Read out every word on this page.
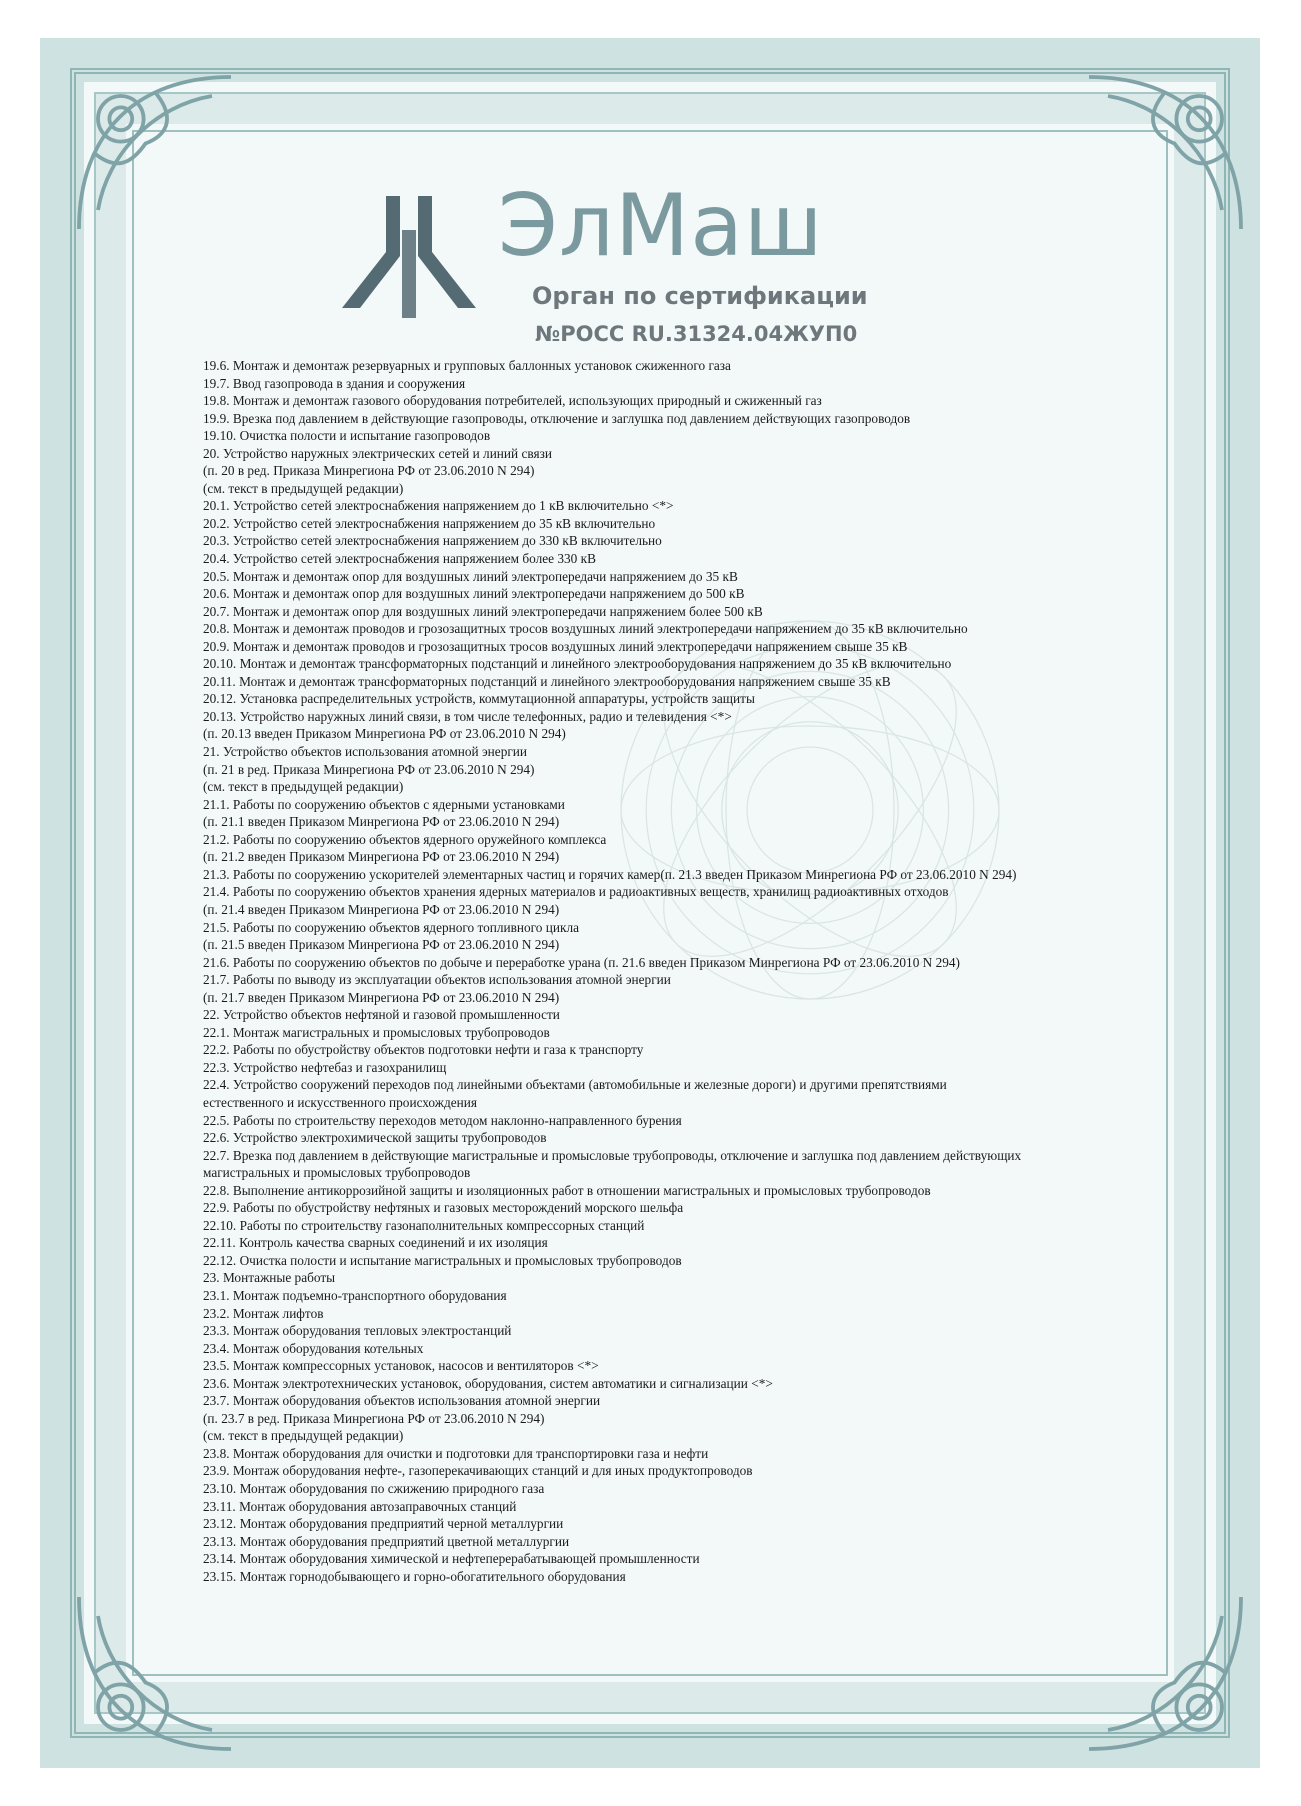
ЭлМаш
Орган по сертификации
№РОСС RU.31324.04ЖУП0
19.6. Монтаж и демонтаж резервуарных и групповых баллонных установок сжиженного газа
19.7. Ввод газопровода в здания и сооружения
19.8. Монтаж и демонтаж газового оборудования потребителей, использующих природный и сжиженный газ
19.9. Врезка под давлением в действующие газопроводы, отключение и заглушка под давлением действующих газопроводов
19.10. Очистка полости и испытание газопроводов
20. Устройство наружных электрических сетей и линий связи
(п. 20 в ред. Приказа Минрегиона РФ от 23.06.2010 N 294)
(см. текст в предыдущей редакции)
20.1. Устройство сетей электроснабжения напряжением до 1 кВ включительно <*>
20.2. Устройство сетей электроснабжения напряжением до 35 кВ включительно
20.3. Устройство сетей электроснабжения напряжением до 330 кВ включительно
20.4. Устройство сетей электроснабжения напряжением более 330 кВ
20.5. Монтаж и демонтаж опор для воздушных линий электропередачи напряжением до 35 кВ
20.6. Монтаж и демонтаж опор для воздушных линий электропередачи напряжением до 500 кВ
20.7. Монтаж и демонтаж опор для воздушных линий электропередачи напряжением более 500 кВ
20.8. Монтаж и демонтаж проводов и грозозащитных тросов воздушных линий электропередачи напряжением до 35 кВ включительно
20.9. Монтаж и демонтаж проводов и грозозащитных тросов воздушных линий электропередачи напряжением свыше 35 кВ
20.10. Монтаж и демонтаж трансформаторных подстанций и линейного электрооборудования напряжением до 35 кВ включительно
20.11. Монтаж и демонтаж трансформаторных подстанций и линейного электрооборудования напряжением свыше 35 кВ
20.12. Установка распределительных устройств, коммутационной аппаратуры, устройств защиты
20.13. Устройство наружных линий связи, в том числе телефонных, радио и телевидения <*>
(п. 20.13 введен Приказом Минрегиона РФ от 23.06.2010 N 294)
21. Устройство объектов использования атомной энергии
(п. 21 в ред. Приказа Минрегиона РФ от 23.06.2010 N 294)
(см. текст в предыдущей редакции)
21.1. Работы по сооружению объектов с ядерными установками
(п. 21.1 введен Приказом Минрегиона РФ от 23.06.2010 N 294)
21.2. Работы по сооружению объектов ядерного оружейного комплекса
(п. 21.2 введен Приказом Минрегиона РФ от 23.06.2010 N 294)
21.3. Работы по сооружению ускорителей элементарных частиц и горячих камер(п. 21.3 введен Приказом Минрегиона РФ от 23.06.2010 N 294)
21.4. Работы по сооружению объектов хранения ядерных материалов и радиоактивных веществ, хранилищ радиоактивных отходов
(п. 21.4 введен Приказом Минрегиона РФ от 23.06.2010 N 294)
21.5. Работы по сооружению объектов ядерного топливного цикла
(п. 21.5 введен Приказом Минрегиона РФ от 23.06.2010 N 294)
21.6. Работы по сооружению объектов по добыче и переработке урана (п. 21.6 введен Приказом Минрегиона РФ от 23.06.2010 N 294)
21.7. Работы по выводу из эксплуатации объектов использования атомной энергии
(п. 21.7 введен Приказом Минрегиона РФ от 23.06.2010 N 294)
22. Устройство объектов нефтяной и газовой промышленности
22.1. Монтаж магистральных и промысловых трубопроводов
22.2. Работы по обустройству объектов подготовки нефти и газа к транспорту
22.3. Устройство нефтебаз и газохранилищ
22.4. Устройство сооружений переходов под линейными объектами (автомобильные и железные дороги) и другими препятствиями
естественного и искусственного происхождения
22.5. Работы по строительству переходов методом наклонно-направленного бурения
22.6. Устройство электрохимической защиты трубопроводов
22.7. Врезка под давлением в действующие магистральные и промысловые трубопроводы, отключение и заглушка под давлением действующих
магистральных и промысловых трубопроводов
22.8. Выполнение антикоррозийной защиты и изоляционных работ в отношении магистральных и промысловых трубопроводов
22.9. Работы по обустройству нефтяных и газовых месторождений морского шельфа
22.10. Работы по строительству газонаполнительных компрессорных станций
22.11. Контроль качества сварных соединений и их изоляция
22.12. Очистка полости и испытание магистральных и промысловых трубопроводов
23. Монтажные работы
23.1. Монтаж подъемно-транспортного оборудования
23.2. Монтаж лифтов
23.3. Монтаж оборудования тепловых электростанций
23.4. Монтаж оборудования котельных
23.5. Монтаж компрессорных установок, насосов и вентиляторов <*>
23.6. Монтаж электротехнических установок, оборудования, систем автоматики и сигнализации <*>
23.7. Монтаж оборудования объектов использования атомной энергии
(п. 23.7 в ред. Приказа Минрегиона РФ от 23.06.2010 N 294)
(см. текст в предыдущей редакции)
23.8. Монтаж оборудования для очистки и подготовки для транспортировки газа и нефти
23.9. Монтаж оборудования нефте-, газоперекачивающих станций и для иных продуктопроводов
23.10. Монтаж оборудования по сжижению природного газа
23.11. Монтаж оборудования автозаправочных станций
23.12. Монтаж оборудования предприятий черной металлургии
23.13. Монтаж оборудования предприятий цветной металлургии
23.14. Монтаж оборудования химической и нефтеперерабатывающей промышленности
23.15. Монтаж горнодобывающего и горно-обогатительного оборудования
